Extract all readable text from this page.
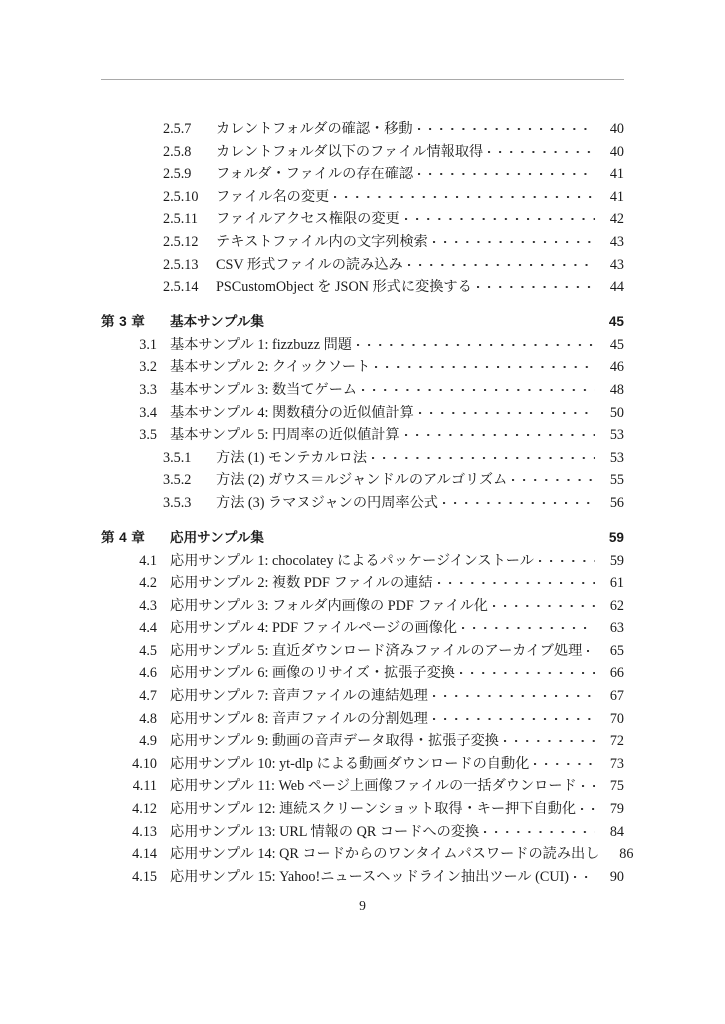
2.5.7	カレントフォルダの確認・移動	40
2.5.8	カレントフォルダ以下のファイル情報取得	40
2.5.9	フォルダ・ファイルの存在確認	41
2.5.10	ファイル名の変更	41
2.5.11	ファイルアクセス権限の変更	42
2.5.12	テキストファイル内の文字列検索	43
2.5.13	CSV 形式ファイルの読み込み	43
2.5.14	PSCustomObject を JSON 形式に変換する	44
第 3 章	基本サンプル集	45
3.1 基本サンプル 1: fizzbuzz 問題	45
3.2 基本サンプル 2: クイックソート	46
3.3 基本サンプル 3: 数当てゲーム	48
3.4 基本サンプル 4: 関数積分の近似値計算	50
3.5 基本サンプル 5: 円周率の近似値計算	53
3.5.1	方法 (1) モンテカルロ法	53
3.5.2	方法 (2) ガウス＝ルジャンドルのアルゴリズム	55
3.5.3	方法 (3) ラマヌジャンの円周率公式	56
第 4 章	応用サンプル集	59
4.1 応用サンプル 1: chocolatey によるパッケージインストール	59
4.2 応用サンプル 2: 複数 PDF ファイルの連結	61
4.3 応用サンプル 3: フォルダ内画像の PDF ファイル化	62
4.4 応用サンプル 4: PDF ファイルページの画像化	63
4.5 応用サンプル 5: 直近ダウンロード済みファイルのアーカイブ処理	65
4.6 応用サンプル 6: 画像のリサイズ・拡張子変換	66
4.7 応用サンプル 7: 音声ファイルの連結処理	67
4.8 応用サンプル 8: 音声ファイルの分割処理	70
4.9 応用サンプル 9: 動画の音声データ取得・拡張子変換	72
4.10 応用サンプル 10: yt-dlp による動画ダウンロードの自動化	73
4.11 応用サンプル 11: Web ページ上画像ファイルの一括ダウンロード	75
4.12 応用サンプル 12: 連続スクリーンショット取得・キー押下自動化	79
4.13 応用サンプル 13: URL 情報の QR コードへの変換	84
4.14 応用サンプル 14: QR コードからのワンタイムパスワードの読み出し	86
4.15 応用サンプル 15: Yahoo!ニュースヘッドライン抽出ツール (CUI)	90
9
